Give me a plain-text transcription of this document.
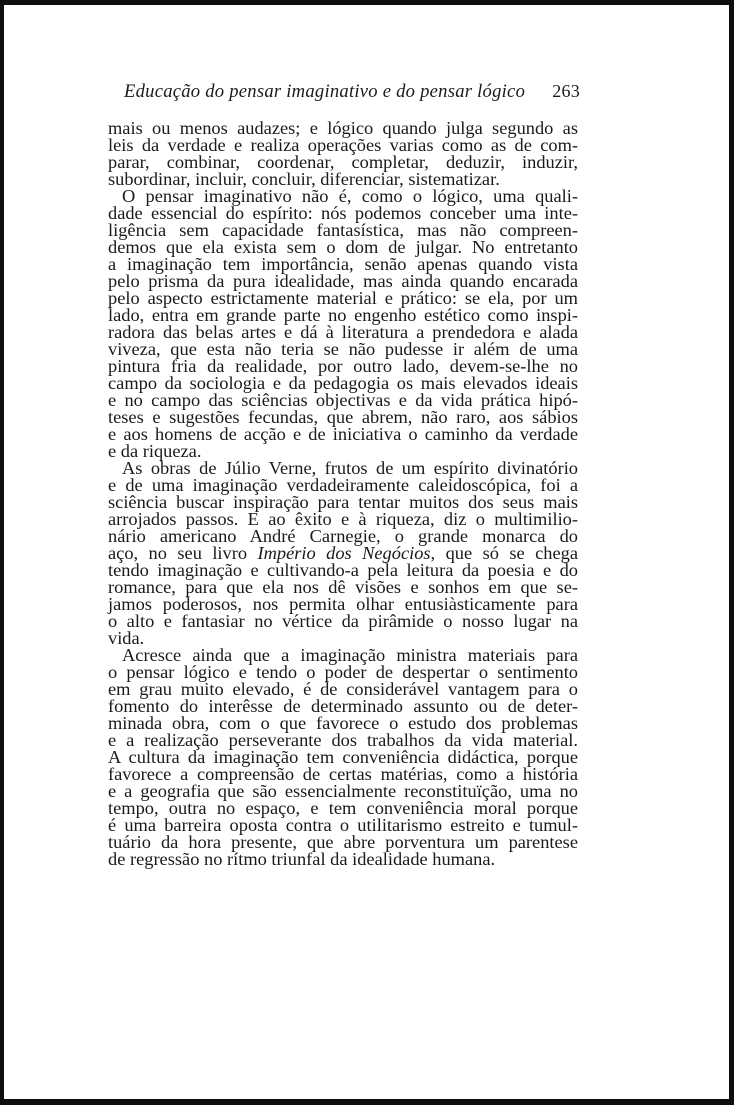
Educação do pensar imaginativo e do pensar lógico 263
mais ou menos audazes; e lógico quando julga segundo as
leis da verdade e realiza operações varias como as de com-
parar, combinar, coordenar, completar, deduzir, induzir,
subordinar, incluir, concluir, diferenciar, sistematizar.
O pensar imaginativo não é, como o lógico, uma quali-
dade essencial do espírito: nós podemos conceber uma inte-
ligência sem capacidade fantasística, mas não compreen-
demos que ela exista sem o dom de julgar. No entretanto
a imaginação tem importância, senão apenas quando vista
pelo prisma da pura idealidade, mas ainda quando encarada
pelo aspecto estrictamente material e prático: se ela, por um
lado, entra em grande parte no engenho estético como inspi-
radora das belas artes e dá à literatura a prendedora e alada
viveza, que esta não teria se não pudesse ir além de uma
pintura fria da realidade, por outro lado, devem-se-lhe no
campo da sociologia e da pedagogia os mais elevados ideais
e no campo das sciências objectivas e da vida prática hipó-
teses e sugestões fecundas, que abrem, não raro, aos sábios
e aos homens de acção e de iniciativa o caminho da verdade
e da riqueza.
As obras de Júlio Verne, frutos de um espírito divinatório
e de uma imaginação verdadeiramente caleidoscópica, foi a
sciência buscar inspiração para tentar muitos dos seus mais
arrojados passos. E ao êxito e à riqueza, diz o multimilio-
nário americano André Carnegie, o grande monarca do
aço, no seu livro Império dos Negócios, que só se chega
tendo imaginação e cultivando-a pela leitura da poesia e do
romance, para que ela nos dê visões e sonhos em que se-
jamos poderosos, nos permita olhar entusiàsticamente para
o alto e fantasiar no vértice da pirâmide o nosso lugar na
vida.
Acresce ainda que a imaginação ministra materiais para
o pensar lógico e tendo o poder de despertar o sentimento
em grau muito elevado, é de considerável vantagem para o
fomento do interêsse de determinado assunto ou de deter-
minada obra, com o que favorece o estudo dos problemas
e a realização perseverante dos trabalhos da vida material.
A cultura da imaginação tem conveniência didáctica, porque
favorece a compreensão de certas matérias, como a história
e a geografia que são essencialmente reconstituïção, uma no
tempo, outra no espaço, e tem conveniência moral porque
é uma barreira oposta contra o utilitarismo estreito e tumul-
tuário da hora presente, que abre porventura um parentese
de regressão no rítmo triunfal da idealidade humana.
